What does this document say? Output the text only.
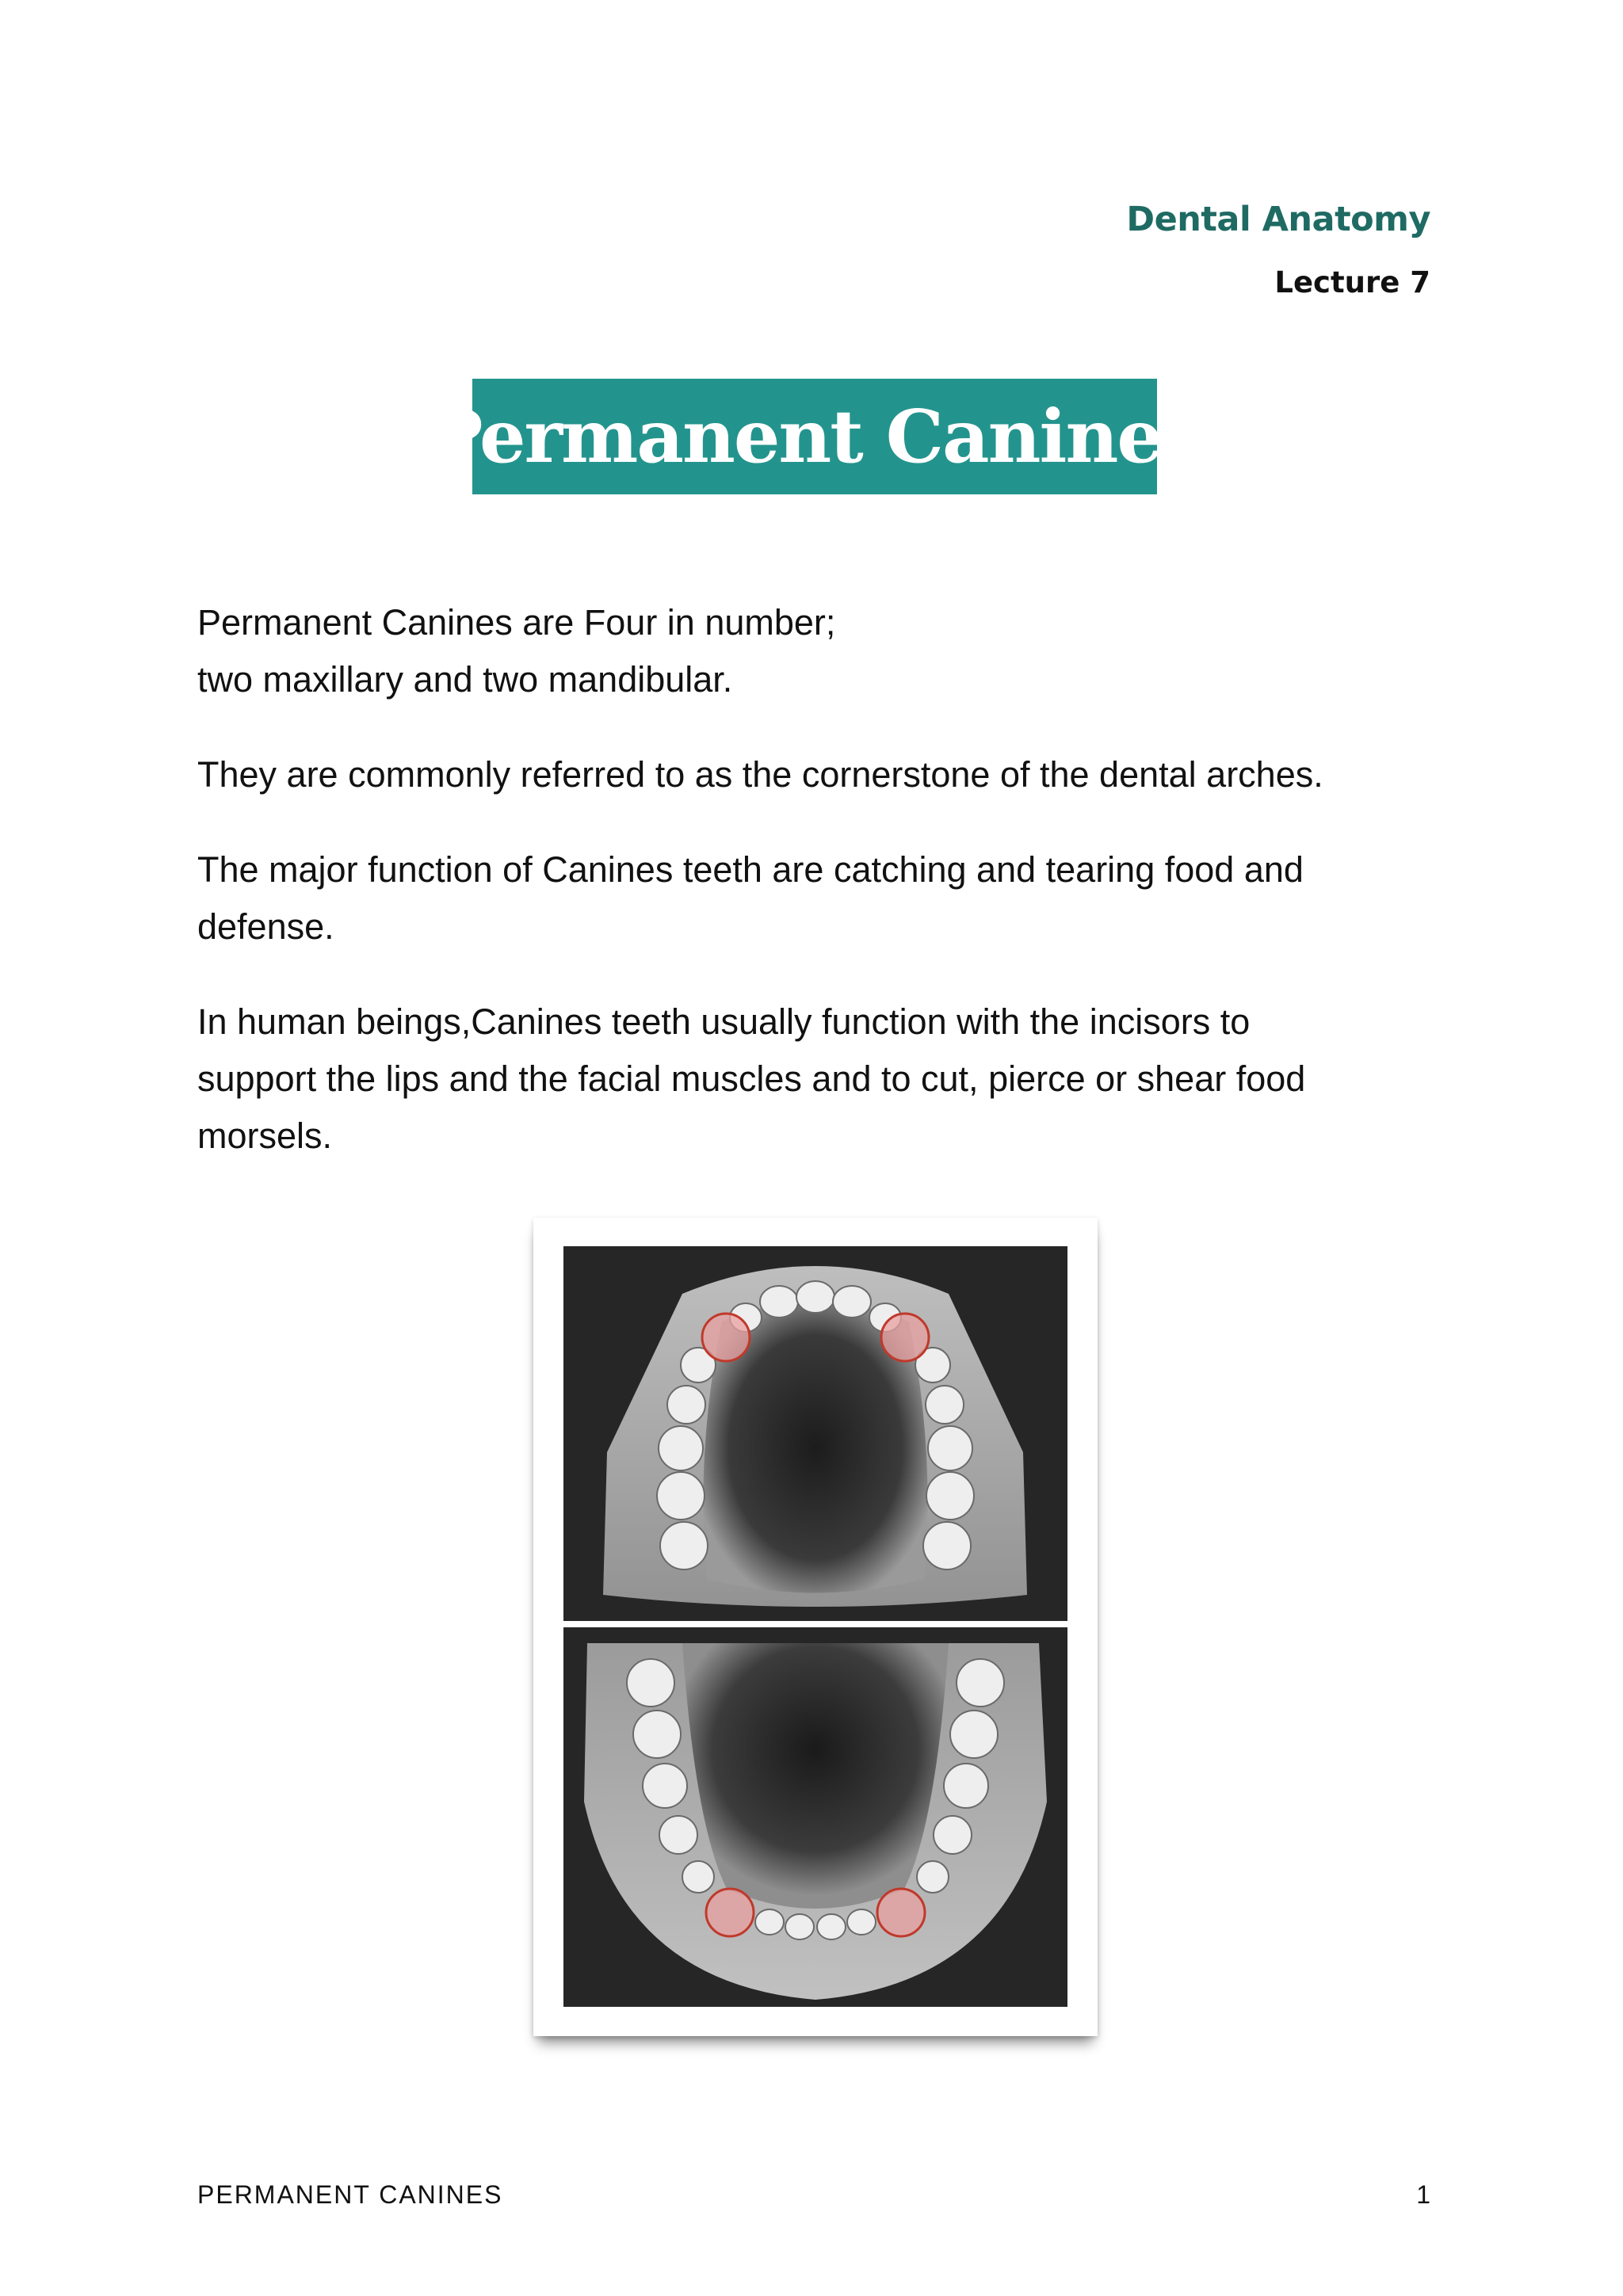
Dental Anatomy
Lecture 7
Permanent Canines

Permanent Canines are Four in number;
two maxillary and two mandibular.

They are commonly referred to as the cornerstone of the dental arches.

The major function of Canines teeth are catching and tearing food and
defense.

In human beings,Canines teeth usually function with the incisors to
support the lips and the facial muscles and to cut, pierce or shear food
morsels.

PERMANENT CANINES	1
